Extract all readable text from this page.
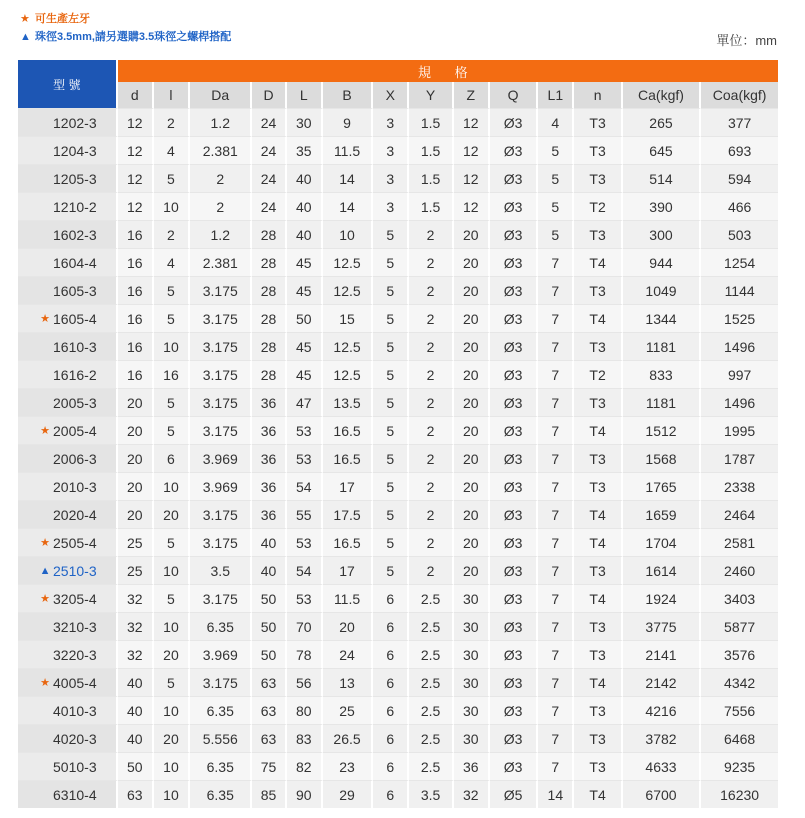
★ 可生產左牙
▲ 珠徑3.5mm,請另選購3.5珠徑之螺桿搭配	單位：mm
型 號	規 格													
	d	l	Da	D	L	B	X	Y	Z	Q	L1	n	Ca(kgf)	Coa(kgf)

1202-3	12	2	1.2	24	30	9	3	1.5	12	Ø3	4	T3	265	377

1204-3	12	4	2.381	24	35	11.5	3	1.5	12	Ø3	5	T3	645	693

1205-3	12	5	2	24	40	14	3	1.5	12	Ø3	5	T3	514	594

1210-2	12	10	2	24	40	14	3	1.5	12	Ø3	5	T2	390	466

1602-3	16	2	1.2	28	40	10	5	2	20	Ø3	5	T3	300	503

1604-4	16	4	2.381	28	45	12.5	5	2	20	Ø3	7	T4	944	1254

1605-3	16	5	3.175	28	45	12.5	5	2	20	Ø3	7	T3	1049	1144

★ 1605-4	16	5	3.175	28	50	15	5	2	20	Ø3	7	T4	1344	1525

1610-3	16	10	3.175	28	45	12.5	5	2	20	Ø3	7	T3	1181	1496

1616-2	16	16	3.175	28	45	12.5	5	2	20	Ø3	7	T2	833	997

2005-3	20	5	3.175	36	47	13.5	5	2	20	Ø3	7	T3	1181	1496

★ 2005-4	20	5	3.175	36	53	16.5	5	2	20	Ø3	7	T4	1512	1995

2006-3	20	6	3.969	36	53	16.5	5	2	20	Ø3	7	T3	1568	1787

2010-3	20	10	3.969	36	54	17	5	2	20	Ø3	7	T3	1765	2338

2020-4	20	20	3.175	36	55	17.5	5	2	20	Ø3	7	T4	1659	2464

★ 2505-4	25	5	3.175	40	53	16.5	5	2	20	Ø3	7	T4	1704	2581

▲ 2510-3	25	10	3.5	40	54	17	5	2	20	Ø3	7	T3	1614	2460

★ 3205-4	32	5	3.175	50	53	11.5	6	2.5	30	Ø3	7	T4	1924	3403

3210-3	32	10	6.35	50	70	20	6	2.5	30	Ø3	7	T3	3775	5877

3220-3	32	20	3.969	50	78	24	6	2.5	30	Ø3	7	T3	2141	3576

★ 4005-4	40	5	3.175	63	56	13	6	2.5	30	Ø3	7	T4	2142	4342

4010-3	40	10	6.35	63	80	25	6	2.5	30	Ø3	7	T3	4216	7556

4020-3	40	20	5.556	63	83	26.5	6	2.5	30	Ø3	7	T3	3782	6468

5010-3	50	10	6.35	75	82	23	6	2.5	36	Ø3	7	T3	4633	9235

6310-4	63	10	6.35	85	90	29	6	3.5	32	Ø5	14	T4	6700	16230
